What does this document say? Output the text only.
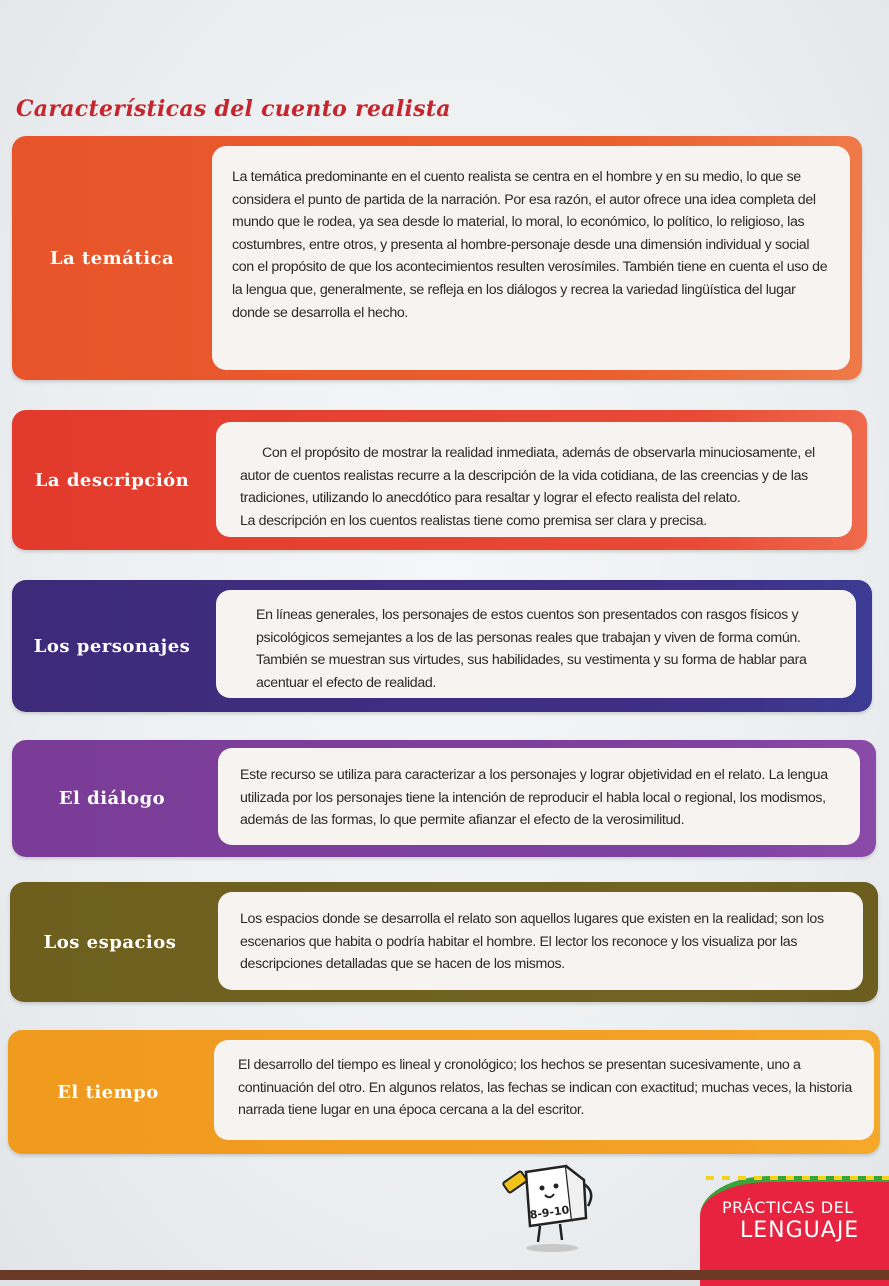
Características del cuento realista
La temática

La temática predominante en el cuento realista se centra en el hombre y en su medio, lo que se considera el punto de partida de la narración. Por esa razón, el autor ofrece una idea completa del mundo que le rodea, ya sea desde lo material, lo moral, lo económico, lo político, lo religioso, las costumbres, entre otros, y presenta al hombre-personaje desde una dimensión individual y social con el propósito de que los acontecimientos resulten verosímiles. También tiene en cuenta el uso de la lengua que, generalmente, se refleja en los diálogos y recrea la variedad lingüística del lugar donde se desarrolla el hecho.

La descripción

Con el propósito de mostrar la realidad inmediata, además de observarla minuciosamente, el autor de cuentos realistas recurre a la descripción de la vida cotidiana, de las creencias y de las tradiciones, utilizando lo anecdótico para resaltar y lograr el efecto realista del relato.

La descripción en los cuentos realistas tiene como premisa ser clara y precisa.

Los personajes

En líneas generales, los personajes de estos cuentos son presentados con rasgos físicos y psicológicos semejantes a los de las personas reales que trabajan y viven de forma común. También se muestran sus virtudes, sus habilidades, su vestimenta y su forma de hablar para acentuar el efecto de realidad.

El diálogo

Este recurso se utiliza para caracterizar a los personajes y lograr objetividad en el relato. La lengua utilizada por los personajes tiene la intención de reproducir el habla local o regional, los modismos, además de las formas, lo que permite afianzar el efecto de la verosimilitud.

Los espacios

Los espacios donde se desarrolla el relato son aquellos lugares que existen en la realidad; son los escenarios que habita o podría habitar el hombre. El lector los reconoce y los visualiza por las descripciones detalladas que se hacen de los mismos.

El tiempo

El desarrollo del tiempo es lineal y cronológico; los hechos se presentan sucesivamente, uno a continuación del otro. En algunos relatos, las fechas se indican con exactitud; muchas veces, la historia narrada tiene lugar en una época cercana a la del escritor.

8-9-10	PRÁCTICAS DEL
LENGUAJE
